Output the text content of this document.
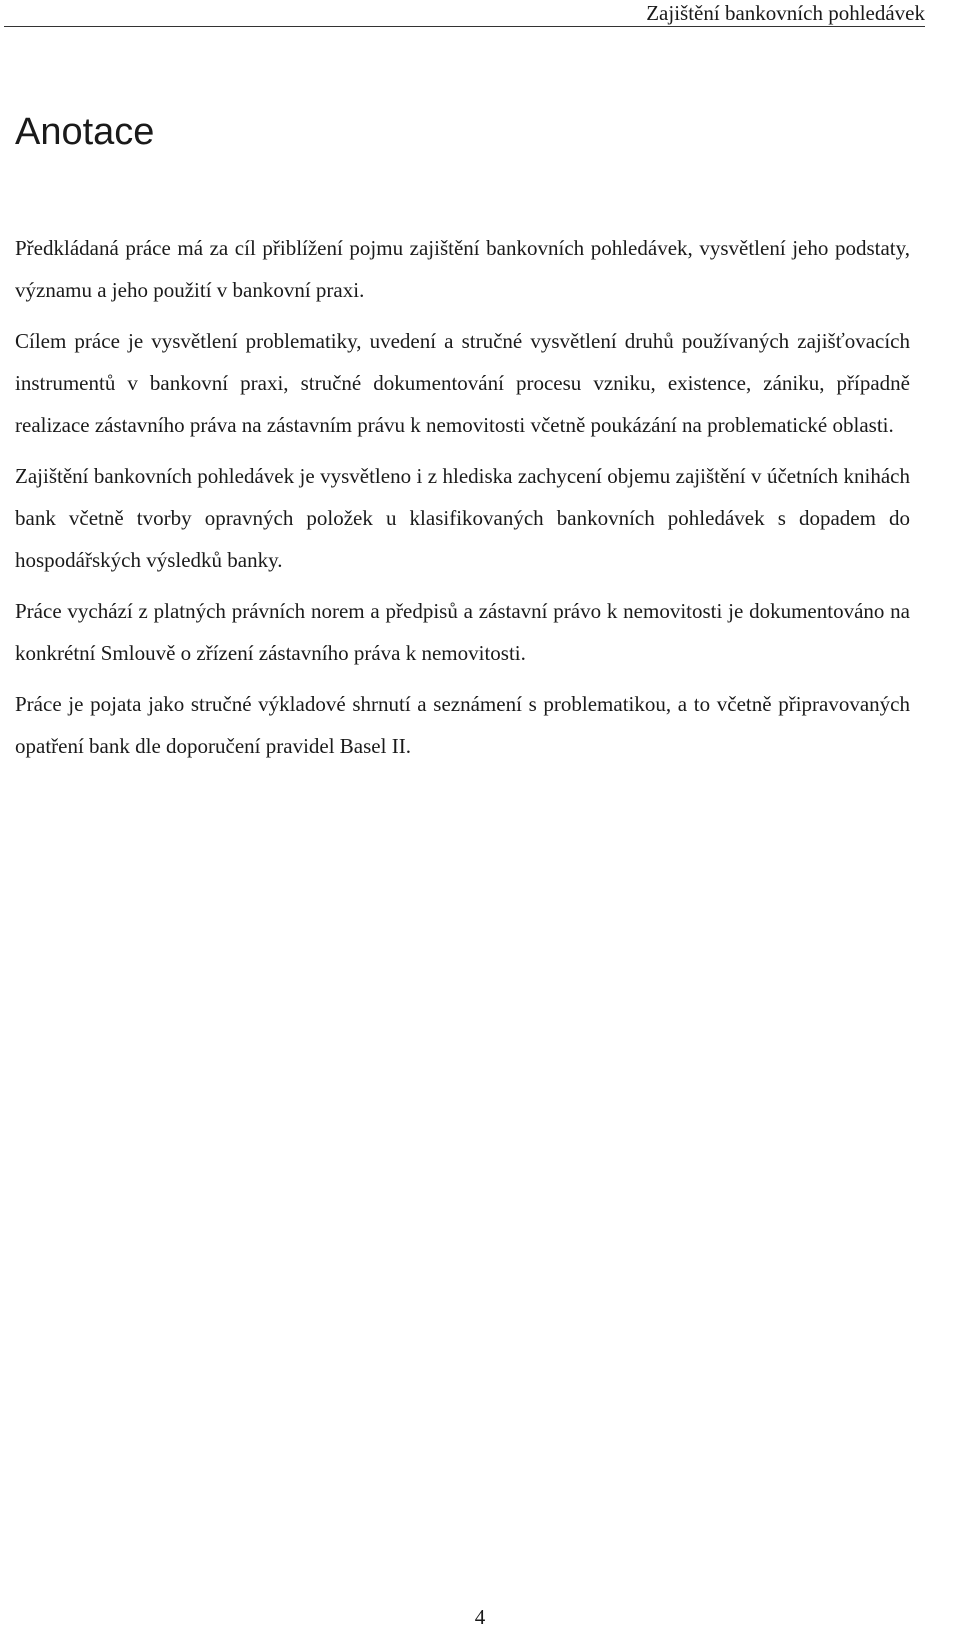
Zajištění bankovních pohledávek
Anotace

Předkládaná práce má za cíl přiblížení pojmu zajištění bankovních pohledávek, vysvětlení jeho podstaty, významu a jeho použití v bankovní praxi.

Cílem práce je vysvětlení problematiky, uvedení a stručné vysvětlení druhů používaných zajišťovacích instrumentů v bankovní praxi, stručné dokumentování procesu vzniku, existence, zániku, případně realizace zástavního práva na zástavním právu k nemovitosti včetně poukázání na problematické oblasti.

Zajištění bankovních pohledávek je vysvětleno i z hlediska zachycení objemu zajištění v účetních knihách bank včetně tvorby opravných položek u klasifikovaných bankovních pohledávek s dopadem do hospodářských výsledků banky.

Práce vychází z platných právních norem a předpisů a zástavní právo k nemovitosti je dokumentováno na konkrétní Smlouvě o zřízení zástavního práva k nemovitosti.

Práce je pojata jako stručné výkladové shrnutí a seznámení s problematikou, a to včetně připravovaných opatření bank dle doporučení pravidel Basel II.

4
